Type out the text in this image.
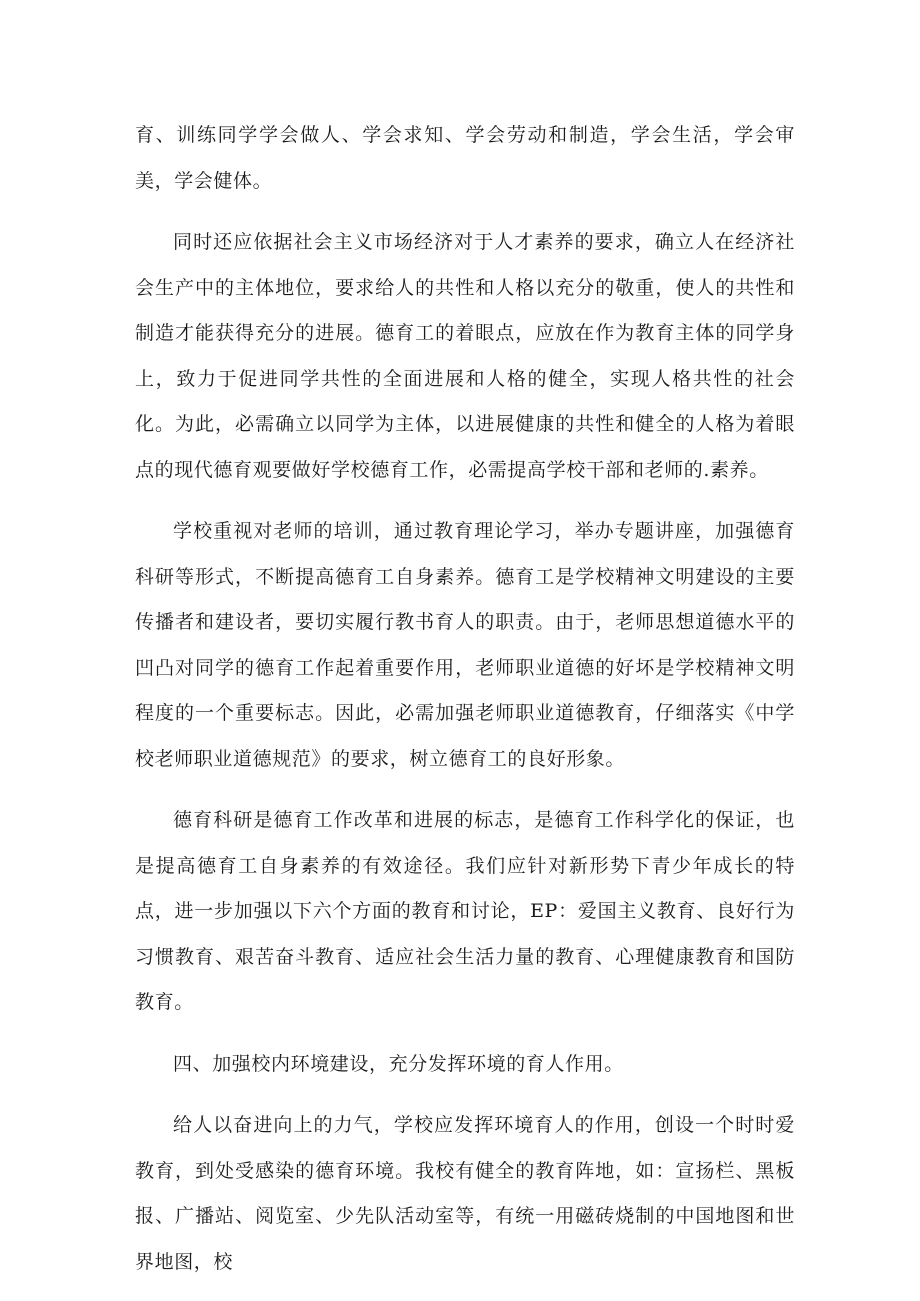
育、训练同学学会做人、学会求知、学会劳动和制造，学会生活，学会审美，学会健体。

同时还应依据社会主义市场经济对于人才素养的要求，确立人在经济社会生产中的主体地位，要求给人的共性和人格以充分的敬重，使人的共性和制造才能获得充分的进展。德育工的着眼点，应放在作为教育主体的同学身上，致力于促进同学共性的全面进展和人格的健全，实现人格共性的社会化。为此，必需确立以同学为主体，以进展健康的共性和健全的人格为着眼点的现代德育观要做好学校德育工作，必需提高学校干部和老师的.素养。

学校重视对老师的培训，通过教育理论学习，举办专题讲座，加强德育科研等形式，不断提高德育工自身素养。德育工是学校精神文明建设的主要传播者和建设者，要切实履行教书育人的职责。由于，老师思想道德水平的凹凸对同学的德育工作起着重要作用，老师职业道德的好坏是学校精神文明程度的一个重要标志。因此，必需加强老师职业道德教育，仔细落实《中学校老师职业道德规范》的要求，树立德育工的良好形象。

德育科研是德育工作改革和进展的标志，是德育工作科学化的保证，也是提高德育工自身素养的有效途径。我们应针对新形势下青少年成长的特点，进一步加强以下六个方面的教育和讨论，EP：爱国主义教育、良好行为习惯教育、艰苦奋斗教育、适应社会生活力量的教育、心理健康教育和国防教育。

四、加强校内环境建设，充分发挥环境的育人作用。

给人以奋进向上的力气，学校应发挥环境育人的作用，创设一个时时爱教育，到处受感染的德育环境。我校有健全的教育阵地，如：宣扬栏、黑板报、广播站、阅览室、少先队活动室等，有统一用磁砖烧制的中国地图和世界地图，校
